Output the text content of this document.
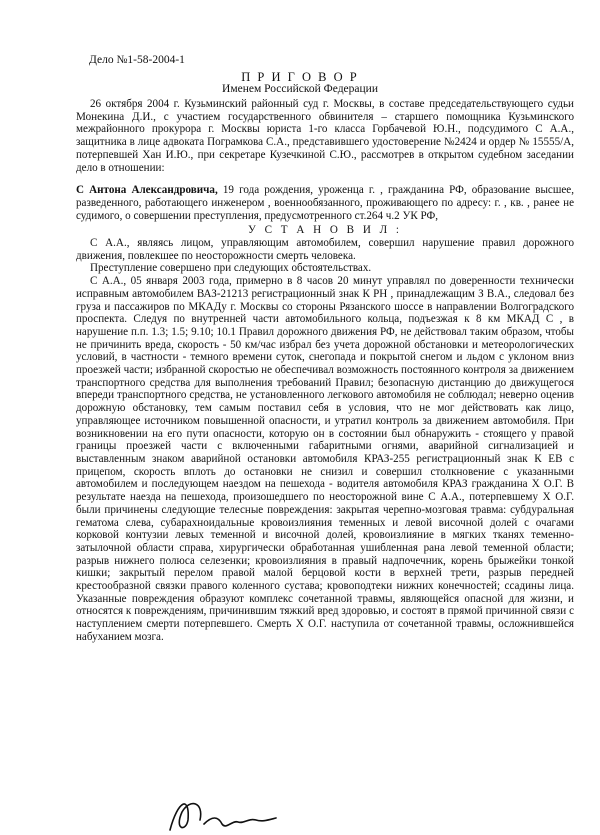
Дело №1-58-2004-1
П Р И Г О В О Р
Именем Российской Федерации

26 октября 2004 г. Кузьминский районный суд г. Москвы, в составе председательствующего судьи Монекина Д.И., с участием государственного обвинителя – старшего помощника Кузьминского межрайонного прокурора г. Москвы юриста 1-го класса Горбачевой Ю.Н., подсудимого С А.А., защитника в лице адвоката Пограмкова С.А., представившего удостоверение №2424 и ордер № 15555/А, потерпевшей Хан И.Ю., при секретаре Кузечкиной С.Ю., рассмотрев в открытом судебном заседании дело в отношении:

С Антона Александровича, 19 года рождения, уроженца г. , гражданина РФ, образование высшее, разведенного, работающего инженером , военнообязанного, проживающего по адресу: г. , кв. , ранее не судимого, о совершении преступления, предусмотренного ст.264 ч.2 УК РФ,

У С Т А Н О В И Л :

С А.А., являясь лицом, управляющим автомобилем, совершил нарушение правил дорожного движения, повлекшее по неосторожности смерть человека.

Преступление совершено при следующих обстоятельствах.

С А.А., 05 января 2003 года, примерно в 8 часов 20 минут управлял по доверенности технически исправным автомобилем ВАЗ-21213 регистрационный знак К РН , принадлежащим З В.А., следовал без груза и пассажиров по МКАДу г. Москвы со стороны Рязанского шоссе в направлении Волгоградского проспекта. Следуя по внутренней части автомобильного кольца, подъезжая к 8 км МКАД С , в нарушение п.п. 1.3; 1.5; 9.10; 10.1 Правил дорожного движения РФ, не действовал таким образом, чтобы не причинить вреда, скорость - 50 км/час избрал без учета дорожной обстановки и метеорологических условий, в частности - темного времени суток, снегопада и покрытой снегом и льдом с уклоном вниз проезжей части; избранной скоростью не обеспечивал возможность постоянного контроля за движением транспортного средства для выполнения требований Правил; безопасную дистанцию до движущегося впереди транспортного средства, не установленного легкового автомобиля не соблюдал; неверно оценив дорожную обстановку, тем самым поставил себя в условия, что не мог действовать как лицо, управляющее источником повышенной опасности, и утратил контроль за движением автомобиля. При возникновении на его пути опасности, которую он в состоянии был обнаружить - стоящего у правой границы проезжей части с включенными габаритными огнями, аварийной сигнализацией и выставленным знаком аварийной остановки автомобиля КРАЗ-255 регистрационный знак К ЕВ с прицепом, скорость вплоть до остановки не снизил и совершил столкновение с указанными автомобилем и последующем наездом на пешехода - водителя автомобиля КРАЗ гражданина Х О.Г. В результате наезда на пешехода, произошедшего по неосторожной вине С А.А., потерпевшему Х О.Г. были причинены следующие телесные повреждения: закрытая черепно-мозговая травма: субдуральная гематома слева, субарахноидальные кровоизлияния теменных и левой височной долей с очагами корковой контузии левых теменной и височной долей, кровоизлияние в мягких тканях теменно-затылочной области справа, хирургически обработанная ушибленная рана левой теменной области; разрыв нижнего полюса селезенки; кровоизлияния в правый надпочечник, корень брыжейки тонкой кишки; закрытый перелом правой малой берцовой кости в верхней трети, разрыв передней крестообразной связки правого коленного сустава; кровоподтеки нижних конечностей; ссадины лица. Указанные повреждения образуют комплекс сочетанной травмы, являющейся опасной для жизни, и относятся к повреждениям, причинившим тяжкий вред здоровью, и состоят в прямой причинной связи с наступлением смерти потерпевшего. Смерть Х О.Г. наступила от сочетанной травмы, осложнившейся набуханием мозга.
